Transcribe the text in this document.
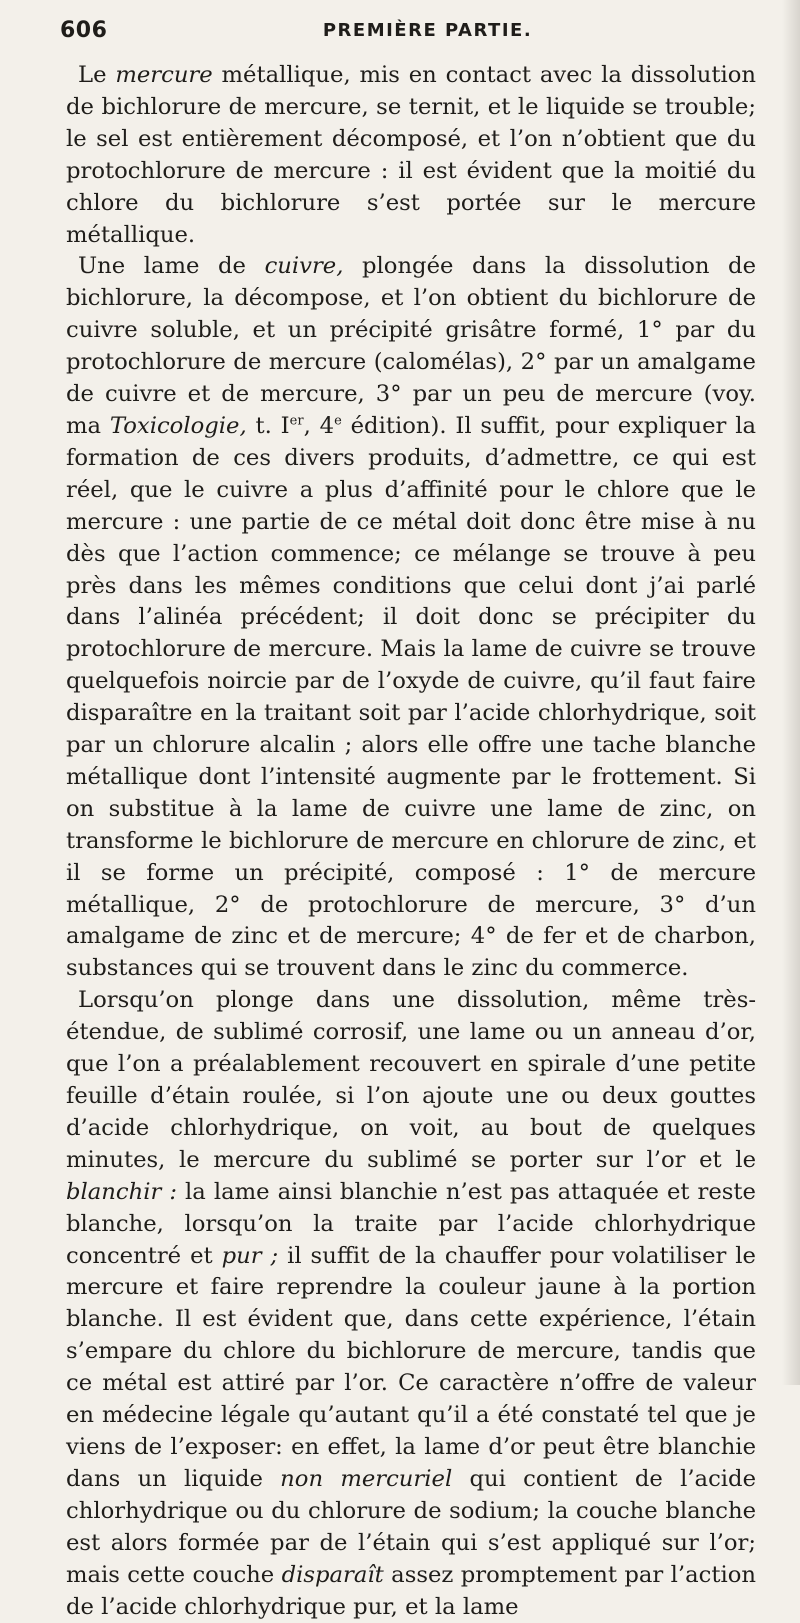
606	PREMIÈRE PARTIE.

Le mercure métallique, mis en contact avec la dissolution de bichlorure de mercure, se ternit, et le liquide se trouble; le sel est entièrement décomposé, et l’on n’obtient que du protochlorure de mercure : il est évident que la moitié du chlore du bichlorure s’est portée sur le mercure métallique.

Une lame de cuivre, plongée dans la dissolution de bichlorure, la décompose, et l’on obtient du bichlorure de cuivre soluble, et un précipité grisâtre formé, 1° par du protochlorure de mercure (calomélas), 2° par un amalgame de cuivre et de mercure, 3° par un peu de mercure (voy. ma Toxicologie, t. Ier, 4e édition). Il suffit, pour expliquer la formation de ces divers produits, d’admettre, ce qui est réel, que le cuivre a plus d’affinité pour le chlore que le mercure : une partie de ce métal doit donc être mise à nu dès que l’action commence; ce mélange se trouve à peu près dans les mêmes conditions que celui dont j’ai parlé dans l’alinéa précédent; il doit donc se précipiter du protochlorure de mercure. Mais la lame de cuivre se trouve quelquefois noircie par de l’oxyde de cuivre, qu’il faut faire disparaître en la traitant soit par l’acide chlorhydrique, soit par un chlorure alcalin ; alors elle offre une tache blanche métallique dont l’intensité augmente par le frottement. Si on substitue à la lame de cuivre une lame de zinc, on transforme le bichlorure de mercure en chlorure de zinc, et il se forme un précipité, composé : 1° de mercure métallique, 2° de protochlorure de mercure, 3° d’un amalgame de zinc et de mercure; 4° de fer et de charbon, substances qui se trouvent dans le zinc du commerce.

Lorsqu’on plonge dans une dissolution, même très-étendue, de sublimé corrosif, une lame ou un anneau d’or, que l’on a préalablement recouvert en spirale d’une petite feuille d’étain roulée, si l’on ajoute une ou deux gouttes d’acide chlorhydrique, on voit, au bout de quelques minutes, le mercure du sublimé se porter sur l’or et le blanchir : la lame ainsi blanchie n’est pas attaquée et reste blanche, lorsqu’on la traite par l’acide chlorhydrique concentré et pur ; il suffit de la chauffer pour volatiliser le mercure et faire reprendre la couleur jaune à la portion blanche. Il est évident que, dans cette expérience, l’étain s’empare du chlore du bichlorure de mercure, tandis que ce métal est attiré par l’or. Ce caractère n’offre de valeur en médecine légale qu’autant qu’il a été constaté tel que je viens de l’exposer: en effet, la lame d’or peut être blanchie dans un liquide non mercuriel qui contient de l’acide chlorhydrique ou du chlorure de sodium; la couche blanche est alors formée par de l’étain qui s’est appliqué sur l’or; mais cette couche disparaît assez promptement par l’action de l’acide chlorhydrique pur, et la lame
